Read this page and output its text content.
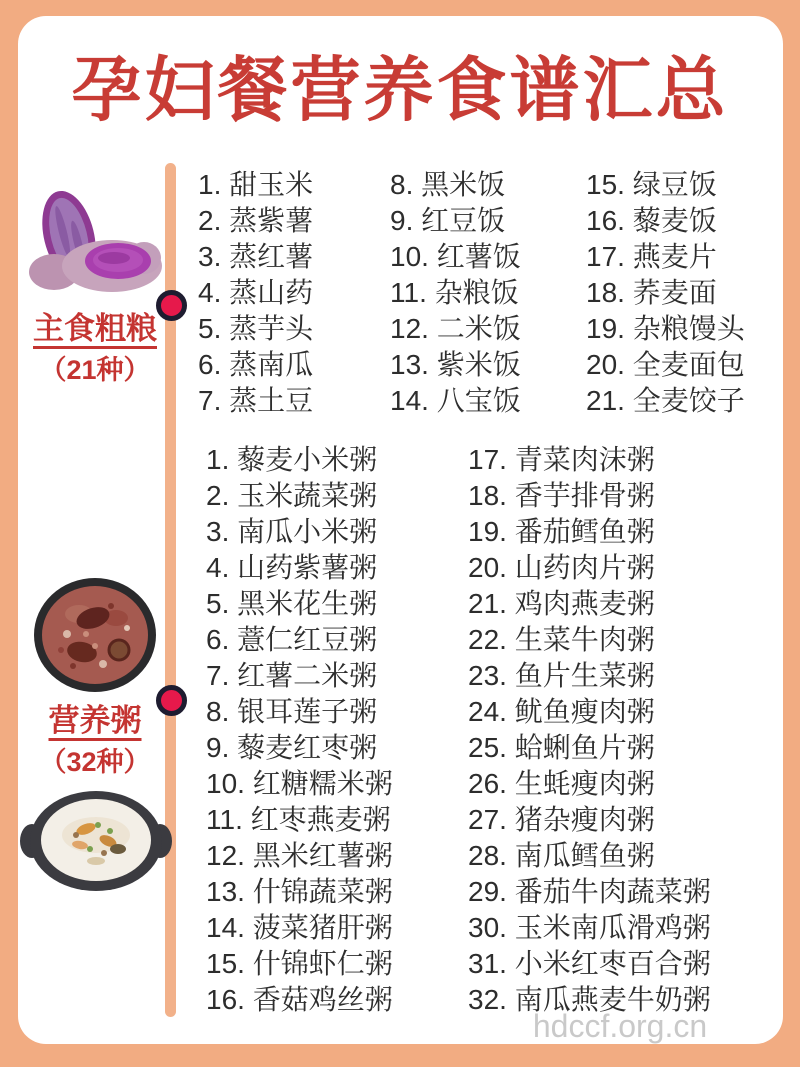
孕妇餐营养食谱汇总
主食粗粮
（21种）
营养粥
（32种）
1. 甜玉米
2. 蒸紫薯
3. 蒸红薯
4. 蒸山药
5. 蒸芋头
6. 蒸南瓜
7. 蒸土豆
8. 黑米饭
9. 红豆饭
10. 红薯饭
11. 杂粮饭
12. 二米饭
13. 紫米饭
14. 八宝饭
15. 绿豆饭
16. 藜麦饭
17. 燕麦片
18. 荞麦面
19. 杂粮馒头
20. 全麦面包
21. 全麦饺子
1. 藜麦小米粥
2. 玉米蔬菜粥
3. 南瓜小米粥
4. 山药紫薯粥
5. 黑米花生粥
6. 薏仁红豆粥
7. 红薯二米粥
8. 银耳莲子粥
9. 藜麦红枣粥
10. 红糖糯米粥
11. 红枣燕麦粥
12. 黑米红薯粥
13. 什锦蔬菜粥
14. 菠菜猪肝粥
15. 什锦虾仁粥
16. 香菇鸡丝粥
17. 青菜肉沫粥
18. 香芋排骨粥
19. 番茄鳕鱼粥
20. 山药肉片粥
21. 鸡肉燕麦粥
22. 生菜牛肉粥
23. 鱼片生菜粥
24. 鱿鱼瘦肉粥
25. 蛤蜊鱼片粥
26. 生蚝瘦肉粥
27. 猪杂瘦肉粥
28. 南瓜鳕鱼粥
29. 番茄牛肉蔬菜粥
30. 玉米南瓜滑鸡粥
31. 小米红枣百合粥
32. 南瓜燕麦牛奶粥
hdccf.org.cn
